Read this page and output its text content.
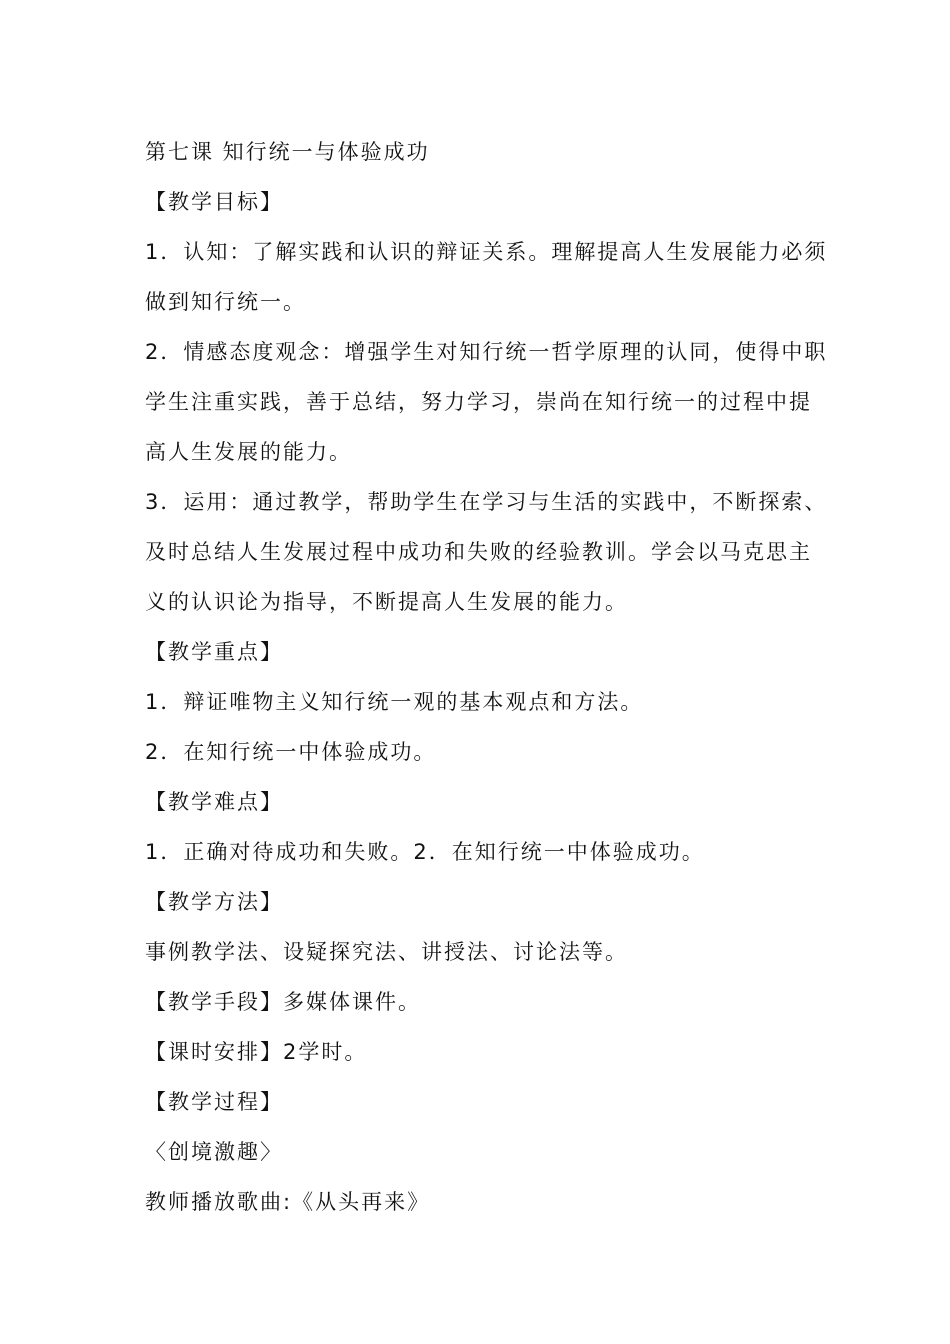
第七课 知行统一与体验成功
【教学目标】
1．认知：了解实践和认识的辩证关系。理解提高人生发展能力必须
做到知行统一。
2．情感态度观念：增强学生对知行统一哲学原理的认同，使得中职
学生注重实践，善于总结，努力学习，崇尚在知行统一的过程中提
高人生发展的能力。
3．运用：通过教学，帮助学生在学习与生活的实践中，不断探索、
及时总结人生发展过程中成功和失败的经验教训。学会以马克思主
义的认识论为指导，不断提高人生发展的能力。
【教学重点】
1．辩证唯物主义知行统一观的基本观点和方法。
2．在知行统一中体验成功。
【教学难点】
1．正确对待成功和失败。2．在知行统一中体验成功。
【教学方法】
事例教学法、设疑探究法、讲授法、讨论法等。
【教学手段】多媒体课件。
【课时安排】2学时。
【教学过程】
〈创境激趣〉
教师播放歌曲:《从头再来》
